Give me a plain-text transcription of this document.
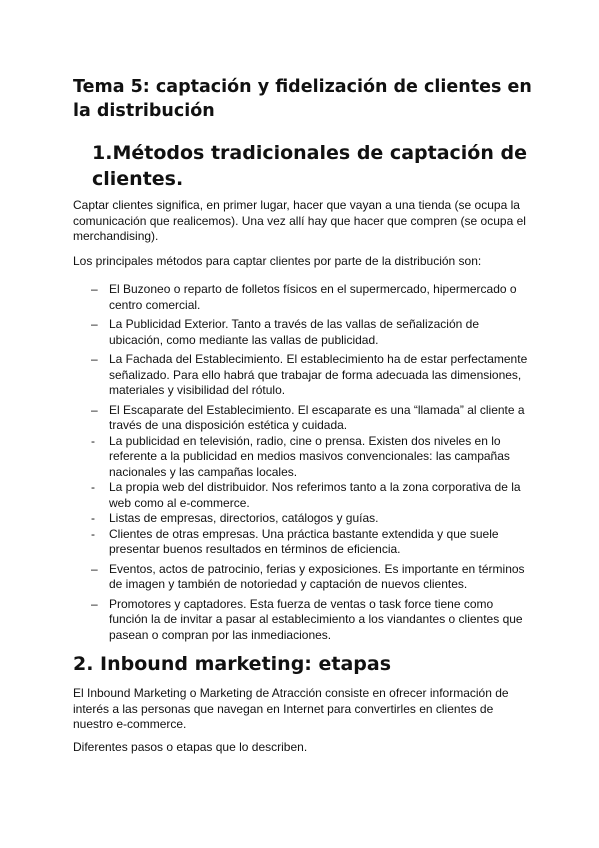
Tema 5: captación y fidelización de clientes en la distribución
1.Métodos tradicionales de captación de clientes.

Captar clientes significa, en primer lugar, hacer que vayan a una tienda (se ocupa la comunicación que realicemos). Una vez allí hay que hacer que compren (se ocupa el merchandising).

Los principales métodos para captar clientes por parte de la distribución son:

– El Buzoneo o reparto de folletos físicos en el supermercado, hipermercado o centro comercial.
– La Publicidad Exterior. Tanto a través de las vallas de señalización de ubicación, como mediante las vallas de publicidad.
– La Fachada del Establecimiento. El establecimiento ha de estar perfectamente señalizado. Para ello habrá que trabajar de forma adecuada las dimensiones, materiales y visibilidad del rótulo.
– El Escaparate del Establecimiento. El escaparate es una “llamada” al cliente a través de una disposición estética y cuidada.
-	La publicidad en televisión, radio, cine o prensa. Existen dos niveles en lo referente a la publicidad en medios masivos convencionales: las campañas nacionales y las campañas locales.
-	La propia web del distribuidor. Nos referimos tanto a la zona corporativa de la web como al e-commerce.
-	Listas de empresas, directorios, catálogos y guías.
-	Clientes de otras empresas. Una práctica bastante extendida y que suele presentar buenos resultados en términos de eficiencia.
– Eventos, actos de patrocinio, ferias y exposiciones. Es importante en términos de imagen y también de notoriedad y captación de nuevos clientes.
– Promotores y captadores. Esta fuerza de ventas o task force tiene como función la de invitar a pasar al establecimiento a los viandantes o clientes que pasean o compran por las inmediaciones.
2. Inbound marketing: etapas

El Inbound Marketing o Marketing de Atracción consiste en ofrecer información de interés a las personas que navegan en Internet para convertirles en clientes de nuestro e-commerce.

Diferentes pasos o etapas que lo describen.
